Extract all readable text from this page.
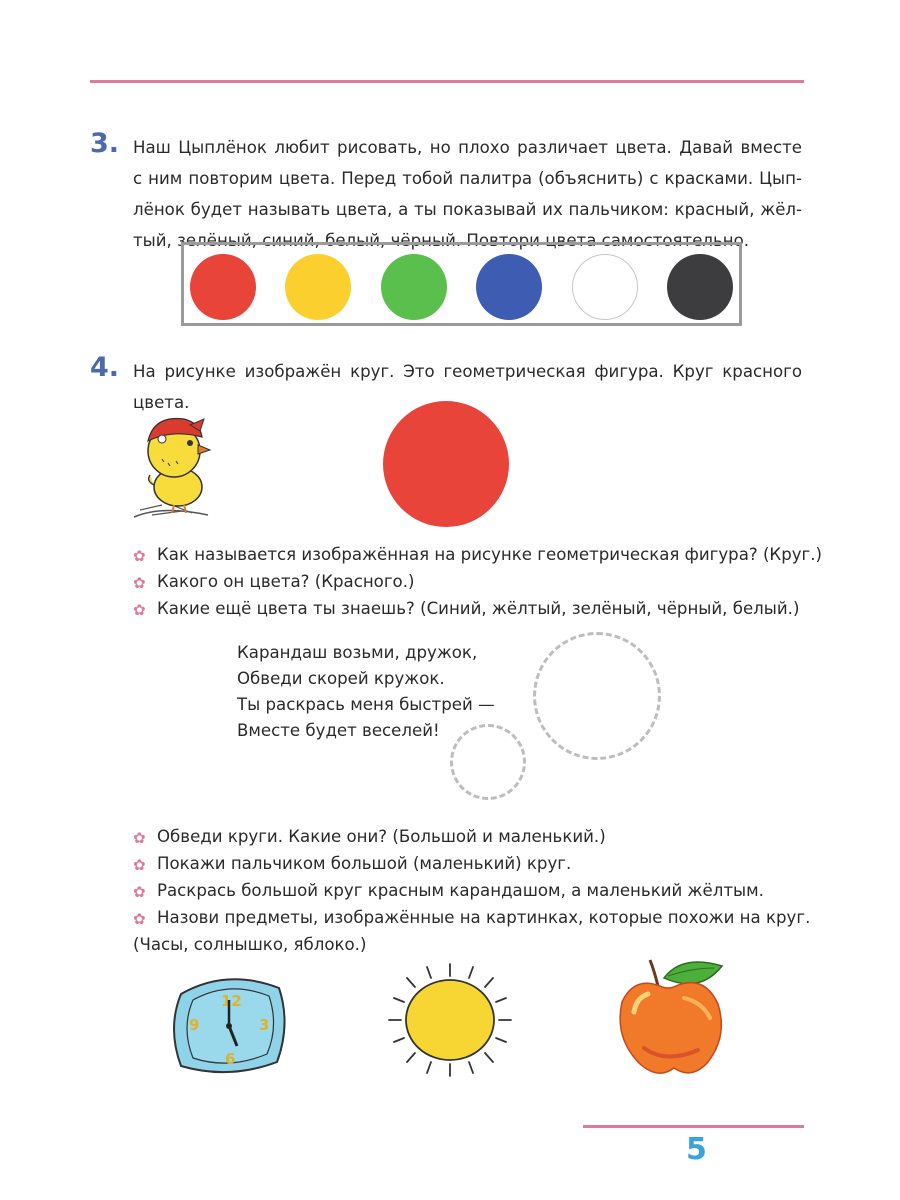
3. Наш Цыплёнок любит рисовать, но плохо различает цвета. Давай вместе
с ним повторим цвета. Перед тобой палитра (объяснить) с красками. Цып-
лёнок будет называть цвета, а ты показывай их пальчиком: красный, жёл-
тый, зелёный, синий, белый, чёрный. Повтори цвета самостоятельно.

4. На рисунке изображён круг. Это геометрическая фигура. Круг красного
цвета.

✿ Как называется изображённая на рисунке геометрическая фигура? (Круг.)
✿ Какого он цвета? (Красного.)
✿ Какие ещё цвета ты знаешь? (Синий, жёлтый, зелёный, чёрный, белый.)
Карандаш возьми, дружок,
Обведи скорей кружок.
Ты раскрась меня быстрей —
Вместе будет веселей!
✿ Обведи круги. Какие они? (Большой и маленький.)
✿ Покажи пальчиком большой (маленький) круг.
✿ Раскрась большой круг красным карандашом, а маленький жёлтым.
✿ Назови предметы, изображённые на картинках, которые похожи на круг.
(Часы, солнышко, яблоко.)
12
3
6
9
5
